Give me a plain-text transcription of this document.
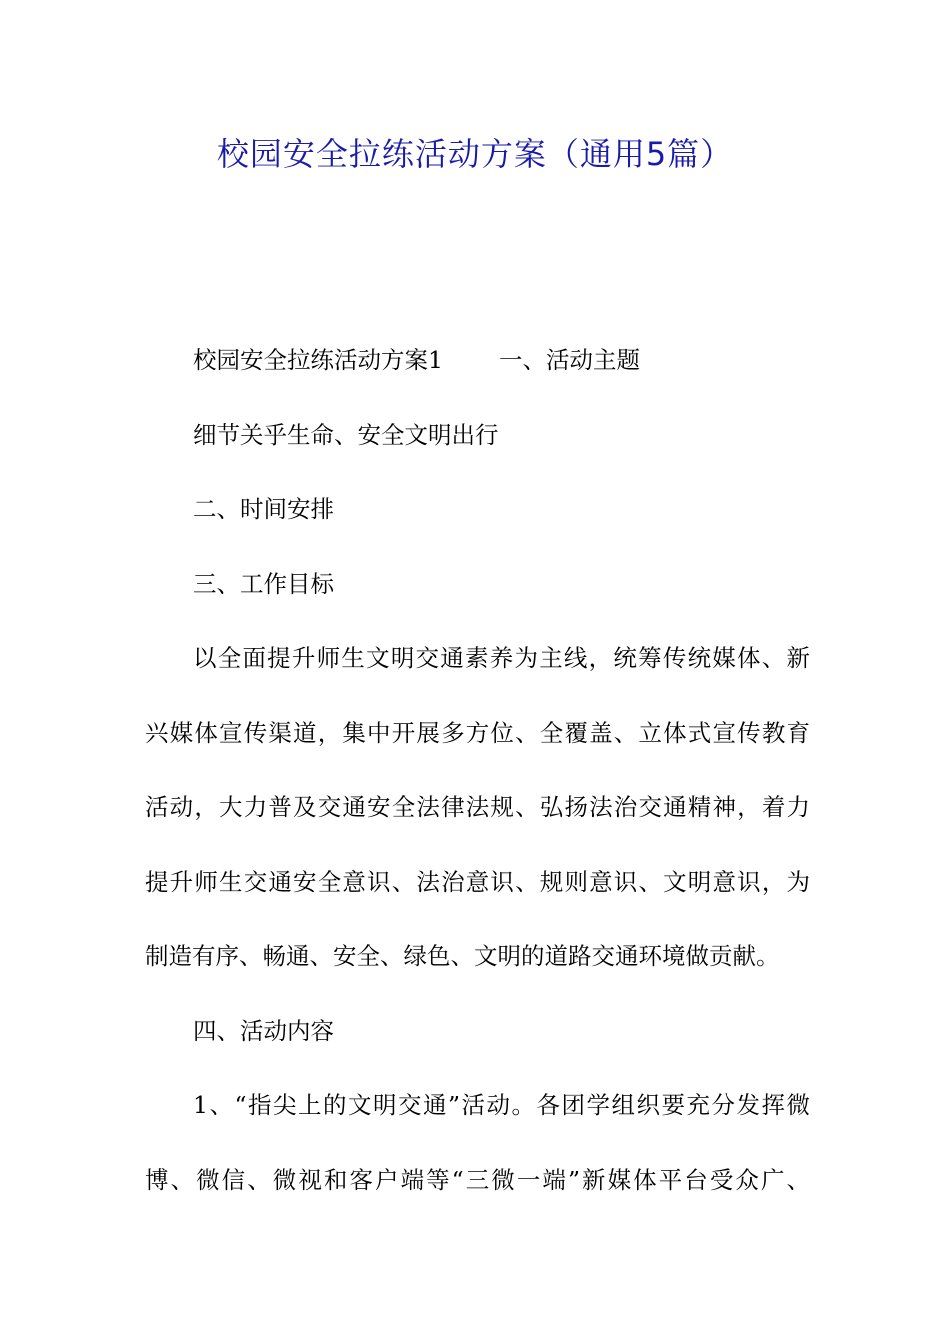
校园安全拉练活动方案（通用5篇）
校园安全拉练活动方案1 一、活动主题
细节关乎生命、安全文明出行
二、时间安排
三、工作目标
以全面提升师生文明交通素养为主线，统筹传统媒体、新
兴媒体宣传渠道，集中开展多方位、全覆盖、立体式宣传教育
活动，大力普及交通安全法律法规、弘扬法治交通精神，着力
提升师生交通安全意识、法治意识、规则意识、文明意识，为
制造有序、畅通、安全、绿色、文明的道路交通环境做贡献。
四、活动内容
1、“指尖上的文明交通”活动。各团学组织要充分发挥微
博、微信、微视和客户端等“三微一端”新媒体平台受众广、
